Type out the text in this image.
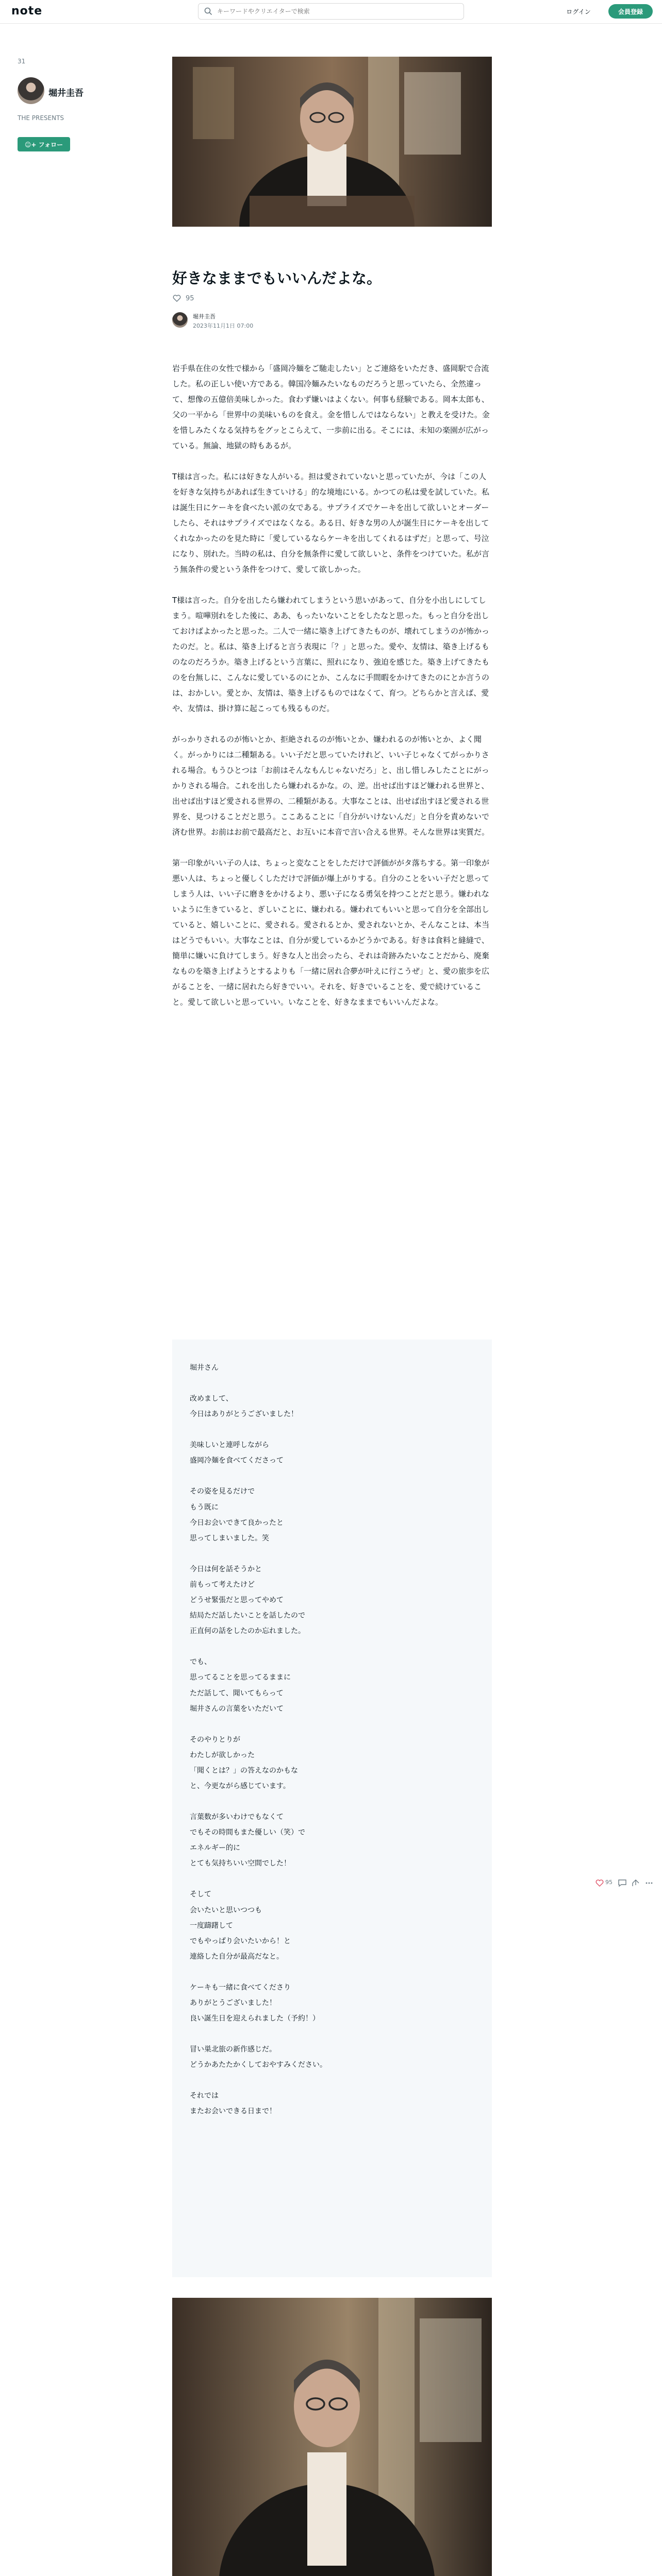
note
キーワードやクリエイターで検索	ログイン	会員登録
31
堀井圭吾
THE PRESENTS
☺+ フォロー
好きなままでもいいんだよな。
95
堀井圭吾
2023年11月1日 07:00

岩手県在住の女性で様から「盛岡冷麺をご馳走したい」とご連絡をいただき、盛岡駅で合流した。私の正しい使い方である。韓国冷麺みたいなものだろうと思っていたら、全然違って、想像の五億倍美味しかった。食わず嫌いはよくない。何事も経験である。岡本太郎も、父の一平から「世界中の美味いものを食え。金を惜しんではならない」と教えを受けた。金を惜しみたくなる気持ちをグッとこらえて、一歩前に出る。そこには、未知の楽園が広がっている。無論、地獄の時もあるが。

T様は言った。私には好きな人がいる。担は愛されていないと思っていたが、今は「この人を好きな気持ちがあれば生きていける」的な境地にいる。かつての私は愛を試していた。私は誕生日にケーキを食べたい派の女である。サプライズでケーキを出して欲しいとオーダーしたら、それはサプライズではなくなる。ある日、好きな男の人が誕生日にケーキを出してくれなかったのを見た時に「愛しているならケーキを出してくれるはずだ」と思って、号泣になり、別れた。当時の私は、自分を無条件に愛して欲しいと、条件をつけていた。私が言う無条件の愛という条件をつけて、愛して欲しかった。

T様は言った。自分を出したら嫌われてしまうという思いがあって、自分を小出しにしてしまう。喧嘩別れをした後に、ああ、もったいないことをしたなと思った。もっと自分を出しておけばよかったと思った。二人で一緒に築き上げてきたものが、壊れてしまうのが怖かったのだ。と。私は、築き上げると言う表現に「？」と思った。愛や、友情は、築き上げるものなのだろうか。築き上げるという言葉に、照れになり、強迫を感じた。築き上げてきたものを台無しに、こんなに愛しているのにとか、こんなに手間暇をかけてきたのにとか言うのは、おかしい。愛とか、友情は、築き上げるものではなくて、育つ。どちらかと言えば、愛や、友情は、掛け算に起こっても残るものだ。

がっかりされるのが怖いとか、拒絶されるのが怖いとか、嫌われるのが怖いとか、よく聞く。がっかりには二種類ある。いい子だと思っていたけれど、いい子じゃなくてがっかりされる場合。もうひとつは「お前はそんなもんじゃないだろ」と、出し惜しみしたことにがっかりされる場合。これを出したら嫌われるかな。の、逆。出せば出すほど嫌われる世界と、出せば出すほど愛される世界の、二種類がある。大事なことは、出せば出すほど愛される世界を、見つけることだと思う。ここあることに「自分がいけないんだ」と自分を責めないで済む世界。お前はお前で最高だと、お互いに本音で言い合える世界。そんな世界は実質だ。

第一印象がいい子の人は、ちょっと変なことをしただけで評価ががタ落ちする。第一印象が悪い人は、ちょっと優しくしただけで評価が爆上がりする。自分のことをいい子だと思ってしまう人は、いい子に磨きをかけるより、悪い子になる勇気を持つことだと思う。嫌われないように生きていると、ぎしいことに、嫌われる。嫌われてもいいと思って自分を全部出していると、嬉しいことに、愛される。愛されるとか、愛されないとか、そんなことは、本当はどうでもいい。大事なことは、自分が愛しているかどうかである。好きは食料と縫縫で、簡単に嫌いに負けてしまう。好きな人と出会ったら、それは奇跡みたいなことだから、廃棄なものを築き上げようとするよりも「一緒に居れ合夢が叶えに行こうぜ」と、愛の旅歩を広がることを、一緒に居れたら好きでいい。それを、好きでいることを、愛で続けていること。愛して欲しいと思っていい。いなことを、好きなままでもいいんだよな。

堀井さん

改めまして、
今日はありがとうございました！

美味しいと連呼しながら
盛岡冷麺を食べてくださって

その姿を見るだけで
もう既に
今日お会いできて良かったと
思ってしまいました。笑

今日は何を話そうかと
前もって考えたけど
どうせ緊張だと思ってやめて
結局ただ話したいことを話したので
正直何の話をしたのか忘れました。

でも、
思ってることを思ってるままに
ただ話して、聞いてもらって
堀井さんの言葉をいただいて

そのやりとりが
わたしが欲しかった
「聞くとは？」の答えなのかもな
と、今更ながら感じています。

言葉数が多いわけでもなくて
でもその時間もまた優しい（笑）で
エネルギー的に
とても気持ちいい空間でした！

そして
会いたいと思いつつも
一度躊躇して
でもやっぱり会いたいから！と
連絡した自分が最高だなと。

ケーキも一緒に食べてくださり
ありがとうございました！
良い誕生日を迎えられました（予約！）

冒い巣北旅の新作感じだ。
どうかあたたかくしておやすみください。

それでは
またお会いできる日まで！

95
